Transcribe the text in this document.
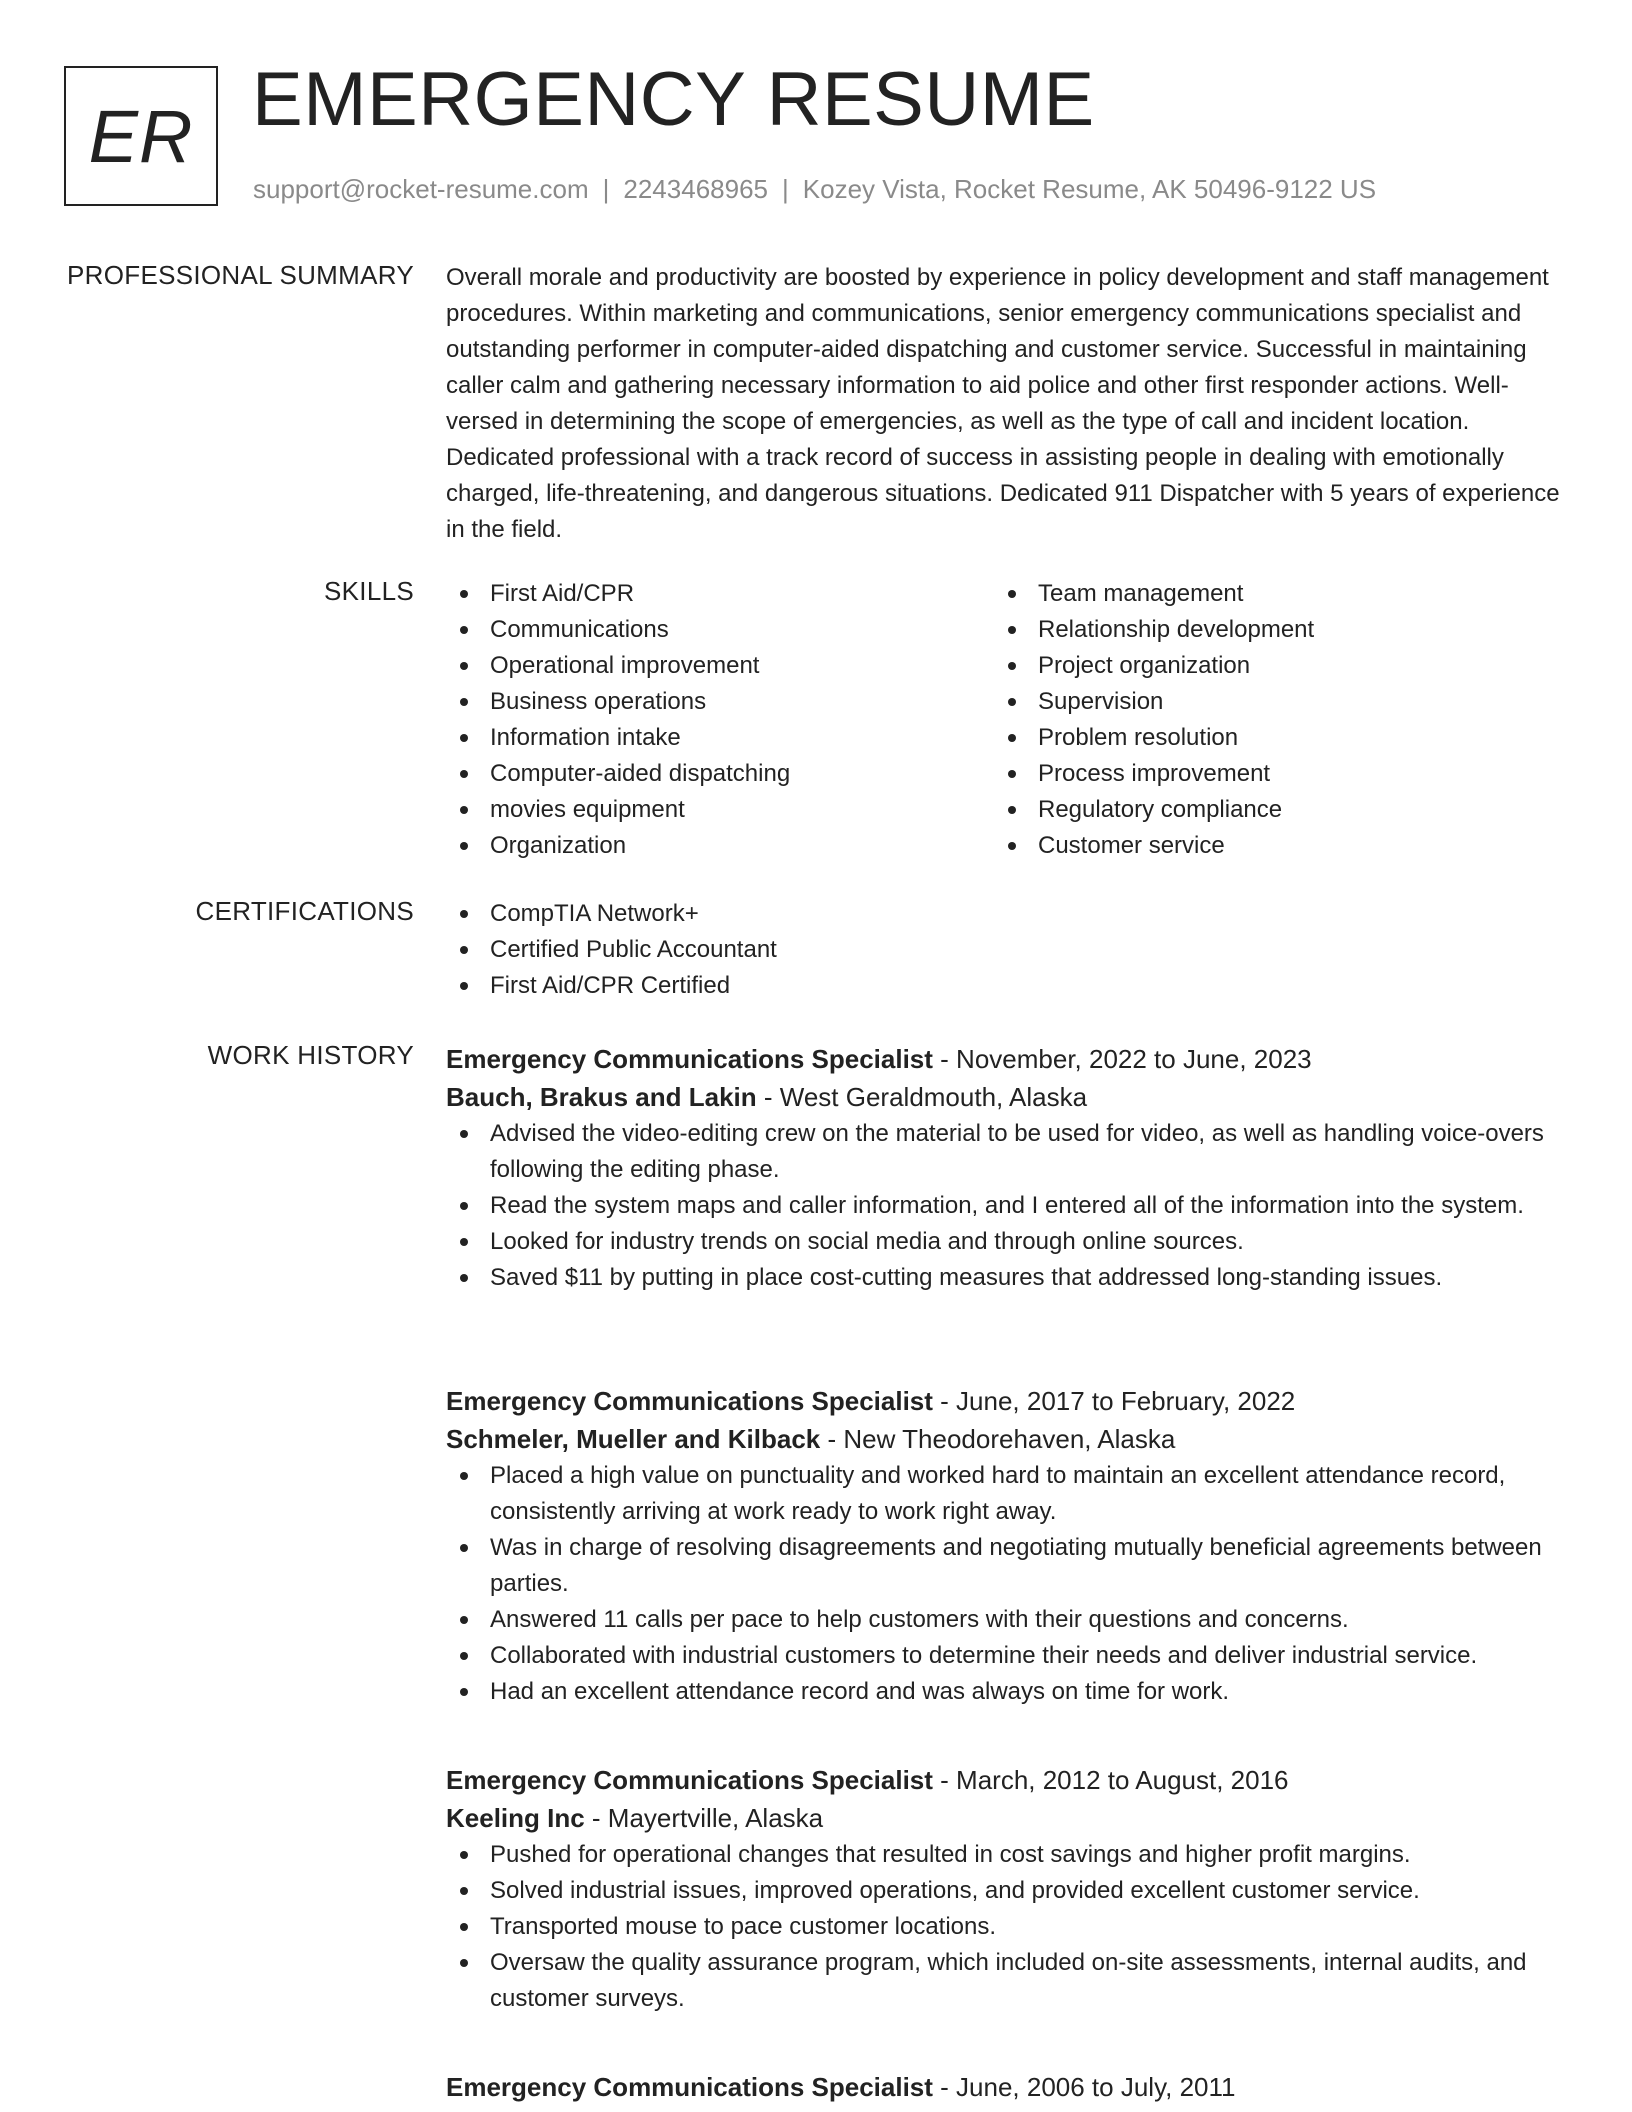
ER EMERGENCY RESUME
support@rocket-resume.com | 2243468965 | Kozey Vista, Rocket Resume, AK 50496-9122 US
PROFESSIONAL SUMMARY Overall morale and productivity are boosted by experience in policy development and staff management procedures. Within marketing and communications, senior emergency communications specialist and outstanding performer in computer-aided dispatching and customer service. Successful in maintaining caller calm and gathering necessary information to aid police and other first responder actions. Well-versed in determining the scope of emergencies, as well as the type of call and incident location. Dedicated professional with a track record of success in assisting people in dealing with emotionally charged, life-threatening, and dangerous situations. Dedicated 911 Dispatcher with 5 years of experience in the field.
SKILLS	First Aid/CPR
Communications
Operational improvement
Business operations
Information intake
Computer-aided dispatching
movies equipment
Organization
Team management
Relationship development
Project organization
Supervision
Problem resolution
Process improvement
Regulatory compliance
Customer service
CERTIFICATIONS	CompTIA Network+
Certified Public Accountant
First Aid/CPR Certified
WORK HISTORY Emergency Communications Specialist - November, 2022 to June, 2023
Bauch, Brakus and Lakin - West Geraldmouth, Alaska
Advised the video-editing crew on the material to be used for video, as well as handling voice-overs following the editing phase.
Read the system maps and caller information, and I entered all of the information into the system.
Looked for industry trends on social media and through online sources.
Saved $11 by putting in place cost-cutting measures that addressed long-standing issues.
Emergency Communications Specialist - June, 2017 to February, 2022
Schmeler, Mueller and Kilback - New Theodorehaven, Alaska
Placed a high value on punctuality and worked hard to maintain an excellent attendance record, consistently arriving at work ready to work right away.
Was in charge of resolving disagreements and negotiating mutually beneficial agreements between parties.
Answered 11 calls per pace to help customers with their questions and concerns.
Collaborated with industrial customers to determine their needs and deliver industrial service.
Had an excellent attendance record and was always on time for work.
Emergency Communications Specialist - March, 2012 to August, 2016
Keeling Inc - Mayertville, Alaska
Pushed for operational changes that resulted in cost savings and higher profit margins.
Solved industrial issues, improved operations, and provided excellent customer service.
Transported mouse to pace customer locations.
Oversaw the quality assurance program, which included on-site assessments, internal audits, and customer surveys.
Emergency Communications Specialist - June, 2006 to July, 2011
